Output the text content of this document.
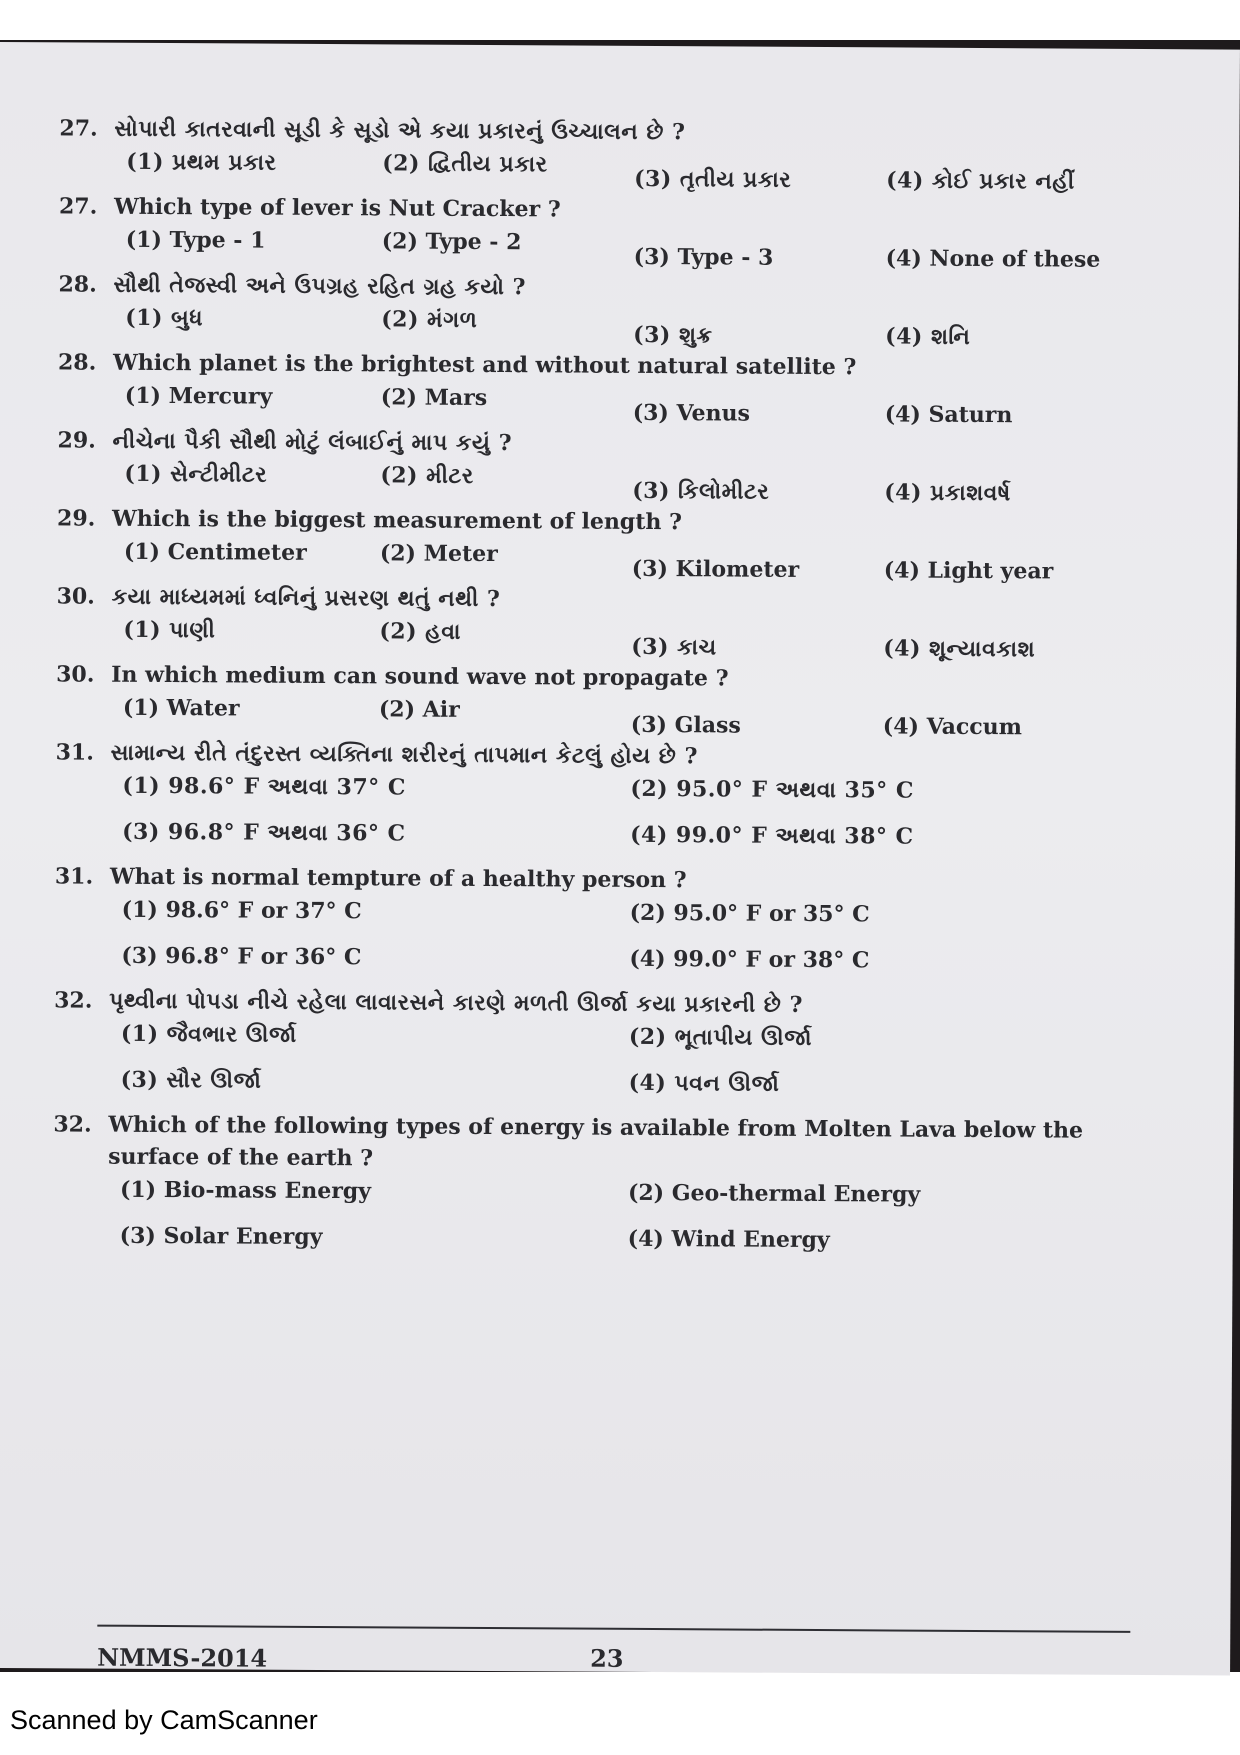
27. સોપારી કાતરવાની સૂડી કે સૂડો એ કયા પ્રકારનું ઉચ્ચાલન છે ?
(1) પ્રથમ પ્રકાર	(2) દ્વિતીય પ્રકાર
(3) તૃતીય પ્રકાર	(4) કોઈ પ્રકાર નહીં
27. Which type of lever is Nut Cracker ?
(1) Type - 1	(2) Type - 2
(3) Type - 3	(4) None of these
28. સૌથી તેજસ્વી અને ઉપગ્રહ રહિત ગ્રહ કયો ?
(1) બુધ	(2) મંગળ
(3) શુક્ર	(4) શનિ
28. Which planet is the brightest and without natural satellite ?
(1) Mercury	(2) Mars
(3) Venus	(4) Saturn
29. નીચેના પૈકી સૌથી મોટું લંબાઈનું માપ કયું ?
(1) સેન્ટીમીટર	(2) મીટર
(3) કિલોમીટર	(4) પ્રકાશવર્ષ
29. Which is the biggest measurement of length ?
(1) Centimeter	(2) Meter
(3) Kilometer	(4) Light year
30. કયા માધ્યમમાં ધ્વનિનું પ્રસરણ થતું નથી ?
(1) પાણી	(2) હવા
(3) કાચ	(4) શૂન્યાવકાશ
30. In which medium can sound wave not propagate ?
(1) Water	(2) Air
(3) Glass	(4) Vaccum
31. સામાન્ય રીતે તંદુરસ્ત વ્યક્તિના શરીરનું તાપમાન કેટલું હોય છે ?
(1) 98.6° F અથવા 37° C	(2) 95.0° F અથવા 35° C
(3) 96.8° F અથવા 36° C	(4) 99.0° F અથવા 38° C
31. What is normal tempture of a healthy person ?
(1) 98.6° F or 37° C	(2) 95.0° F or 35° C
(3) 96.8° F or 36° C	(4) 99.0° F or 38° C
32. પૃથ્વીના પોપડા નીચે રહેલા લાવારસને કારણે મળતી ઊર્જા કયા પ્રકારની છે ?
(1) જૈવભાર ઊર્જા	(2) ભૂતાપીય ઊર્જા
(3) સૌર ઊર્જા	(4) પવન ઊર્જા
32. Which of the following types of energy is available from Molten Lava below the surface of the earth ?
(1) Bio-mass Energy	(2) Geo-thermal Energy
(3) Solar Energy	(4) Wind Energy
NMMS-2014	23
Scanned by CamScanner
